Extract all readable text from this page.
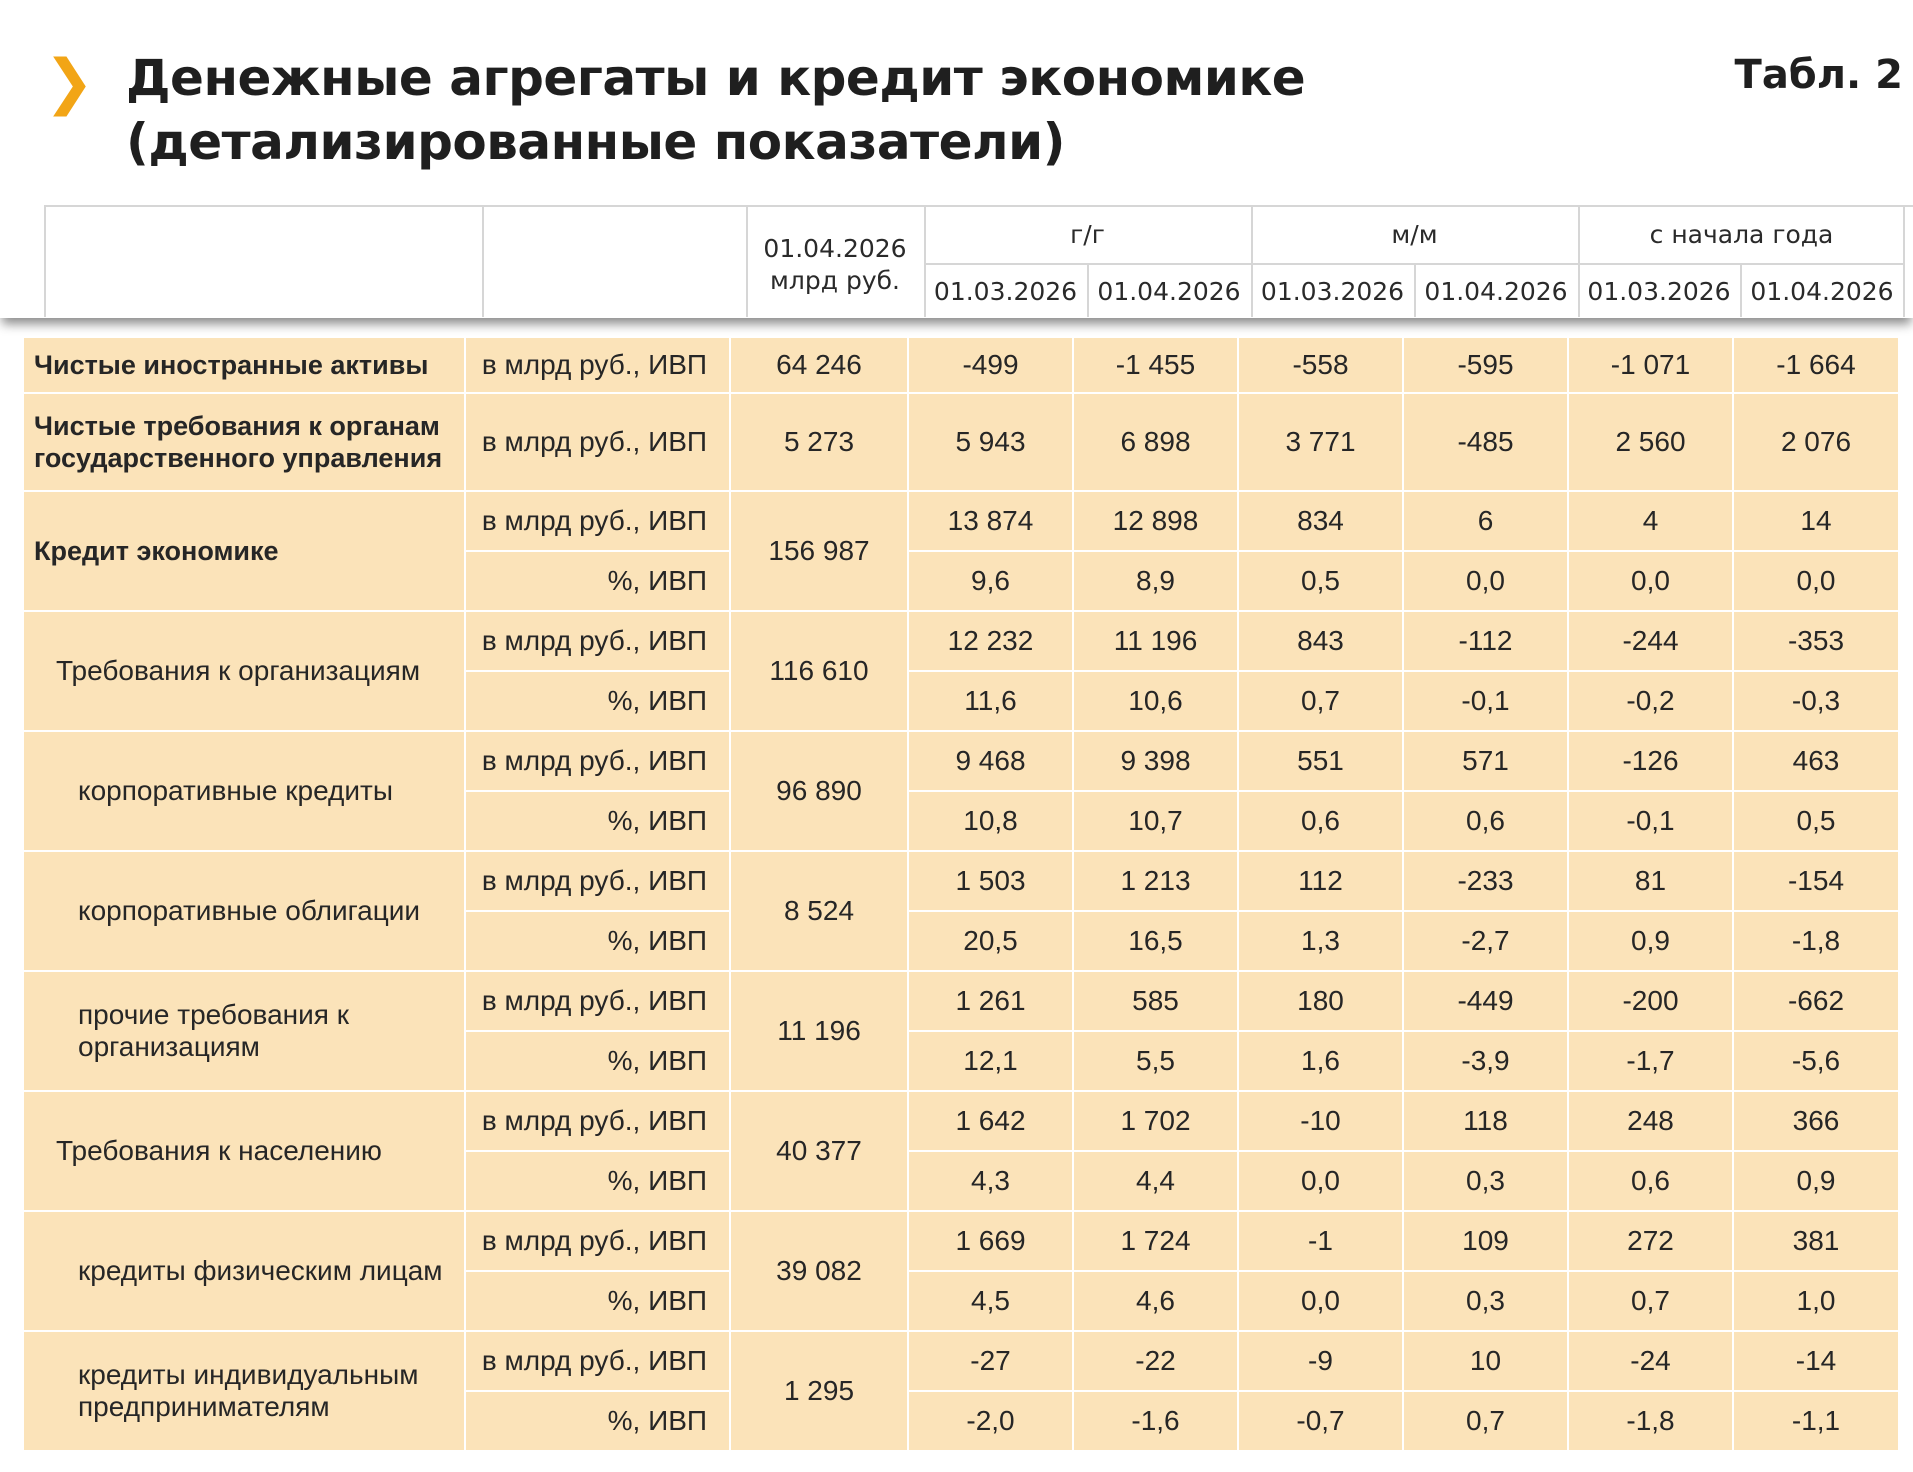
❯ Денежные агрегаты и кредит экономике
(детализированные показатели)
Табл. 2
01.04.2026
млрд руб.
г/г	м/м	с начала года
01.03.2026 01.04.2026 01.03.2026 01.04.2026 01.03.2026 01.04.2026
Чистые иностранные активы	в млрд руб., ИВП	64 246	-499	-1 455	-558	-595	-1 071	-1 664
Чистые требования к органам государственного управления	в млрд руб., ИВП	5 273	5 943	6 898	3 771	-485	2 560	2 076
Кредит экономике	в млрд руб., ИВП	156 987	13 874	12 898	834	6	4	14
	%, ИВП		9,6	8,9	0,5	0,0	0,0	0,0
Требования к организациям	в млрд руб., ИВП	116 610	12 232	11 196	843	-112	-244	-353
	%, ИВП		11,6	10,6	0,7	-0,1	-0,2	-0,3
корпоративные кредиты	в млрд руб., ИВП	96 890	9 468	9 398	551	571	-126	463
	%, ИВП		10,8	10,7	0,6	0,6	-0,1	0,5
корпоративные облигации	в млрд руб., ИВП	8 524	1 503	1 213	112	-233	81	-154
	%, ИВП		20,5	16,5	1,3	-2,7	0,9	-1,8
прочие требования к организациям	в млрд руб., ИВП	11 196	1 261	585	180	-449	-200	-662
	%, ИВП		12,1	5,5	1,6	-3,9	-1,7	-5,6
Требования к населению	в млрд руб., ИВП	40 377	1 642	1 702	-10	118	248	366
	%, ИВП		4,3	4,4	0,0	0,3	0,6	0,9
кредиты физическим лицам	в млрд руб., ИВП	39 082	1 669	1 724	-1	109	272	381
	%, ИВП		4,5	4,6	0,0	0,3	0,7	1,0
кредиты индивидуальным предпринимателям	в млрд руб., ИВП	1 295	-27	-22	-9	10	-24	-14
	%, ИВП		-2,0	-1,6	-0,7	0,7	-1,8	-1,1
